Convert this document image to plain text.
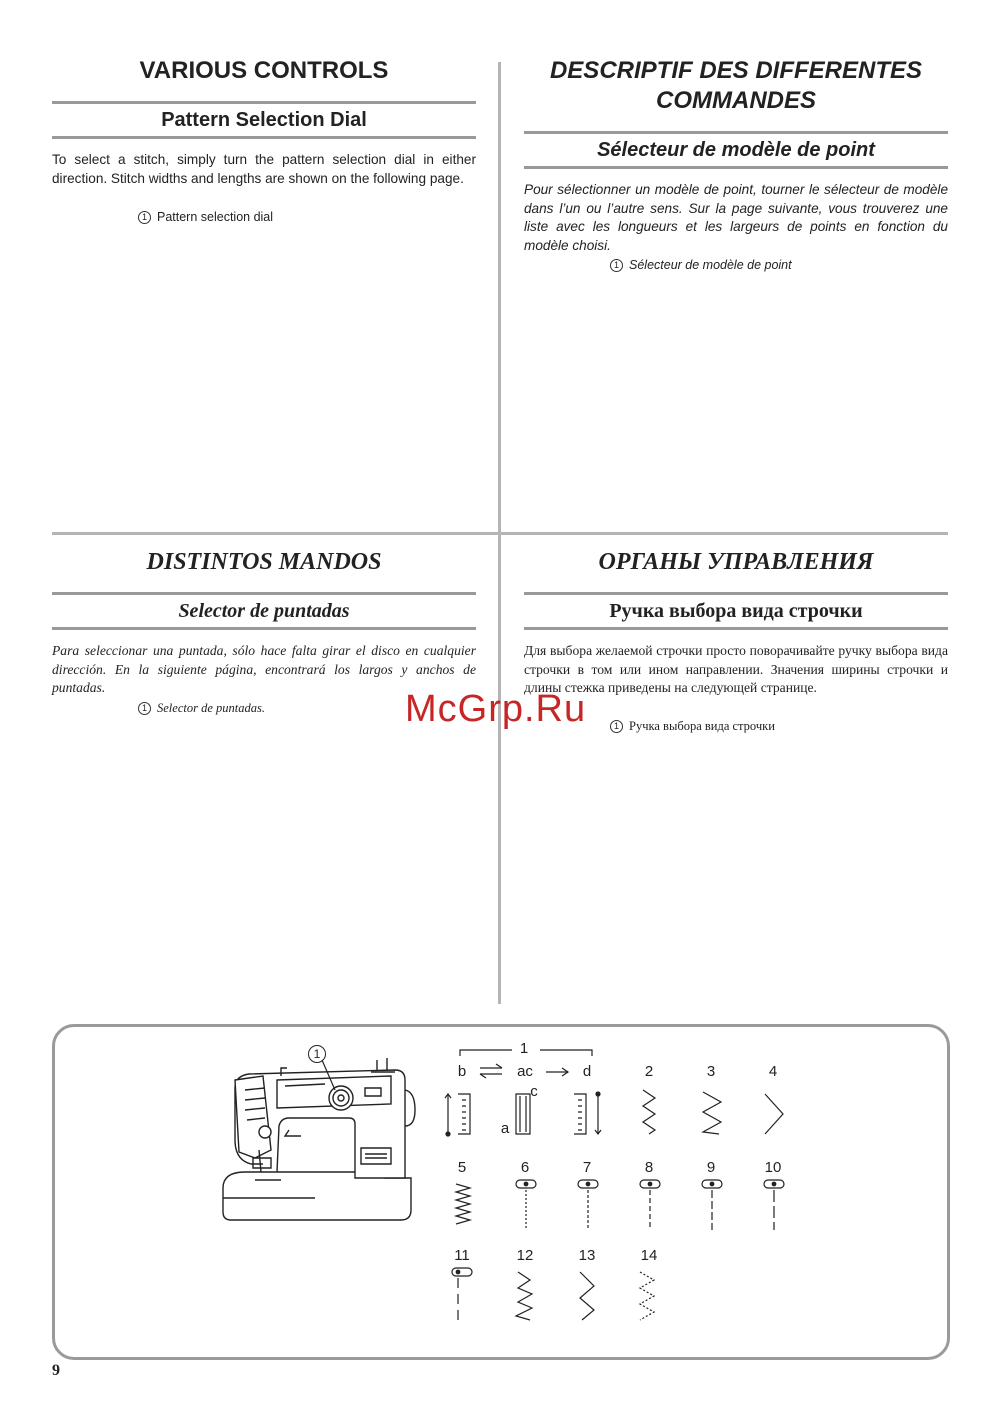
VARIOUS CONTROLS
Pattern Selection Dial
To select a stitch, simply turn the pattern selection dial in either direction. Stitch widths and lengths are shown on the following page.
1 Pattern selection dial
DESCRIPTIF DES DIFFERENTES
COMMANDES
Sélecteur de modèle de point
Pour sélectionner un modèle de point, tourner le sélecteur de modèle dans l’un ou l’autre sens. Sur la page suivante, vous trouverez une liste avec les longueurs et les largeurs de points en fonction du modèle choisi.
1 Sélecteur de modèle de point
DISTINTOS MANDOS
Selector de puntadas
Para seleccionar una puntada, sólo hace falta girar el disco en cualquier dirección. En la siguiente página, encontrará los largos y anchos de puntadas.
1 Selector de puntadas.
ОРГАНЫ УПРАВЛЕНИЯ
Ручка выбора вида строчки
Для выбора желаемой строчки просто поворачивайте ручку выбора вида строчки в том или ином направлении. Значения ширины строчки и длины стежка приведены на следующей странице.
1 Ручка выбора вида строчки
McGrp.Ru
1	1
b	ac	d
c
a
2	3	4
5	6	7	8	9	10
11	12	13	14
9
